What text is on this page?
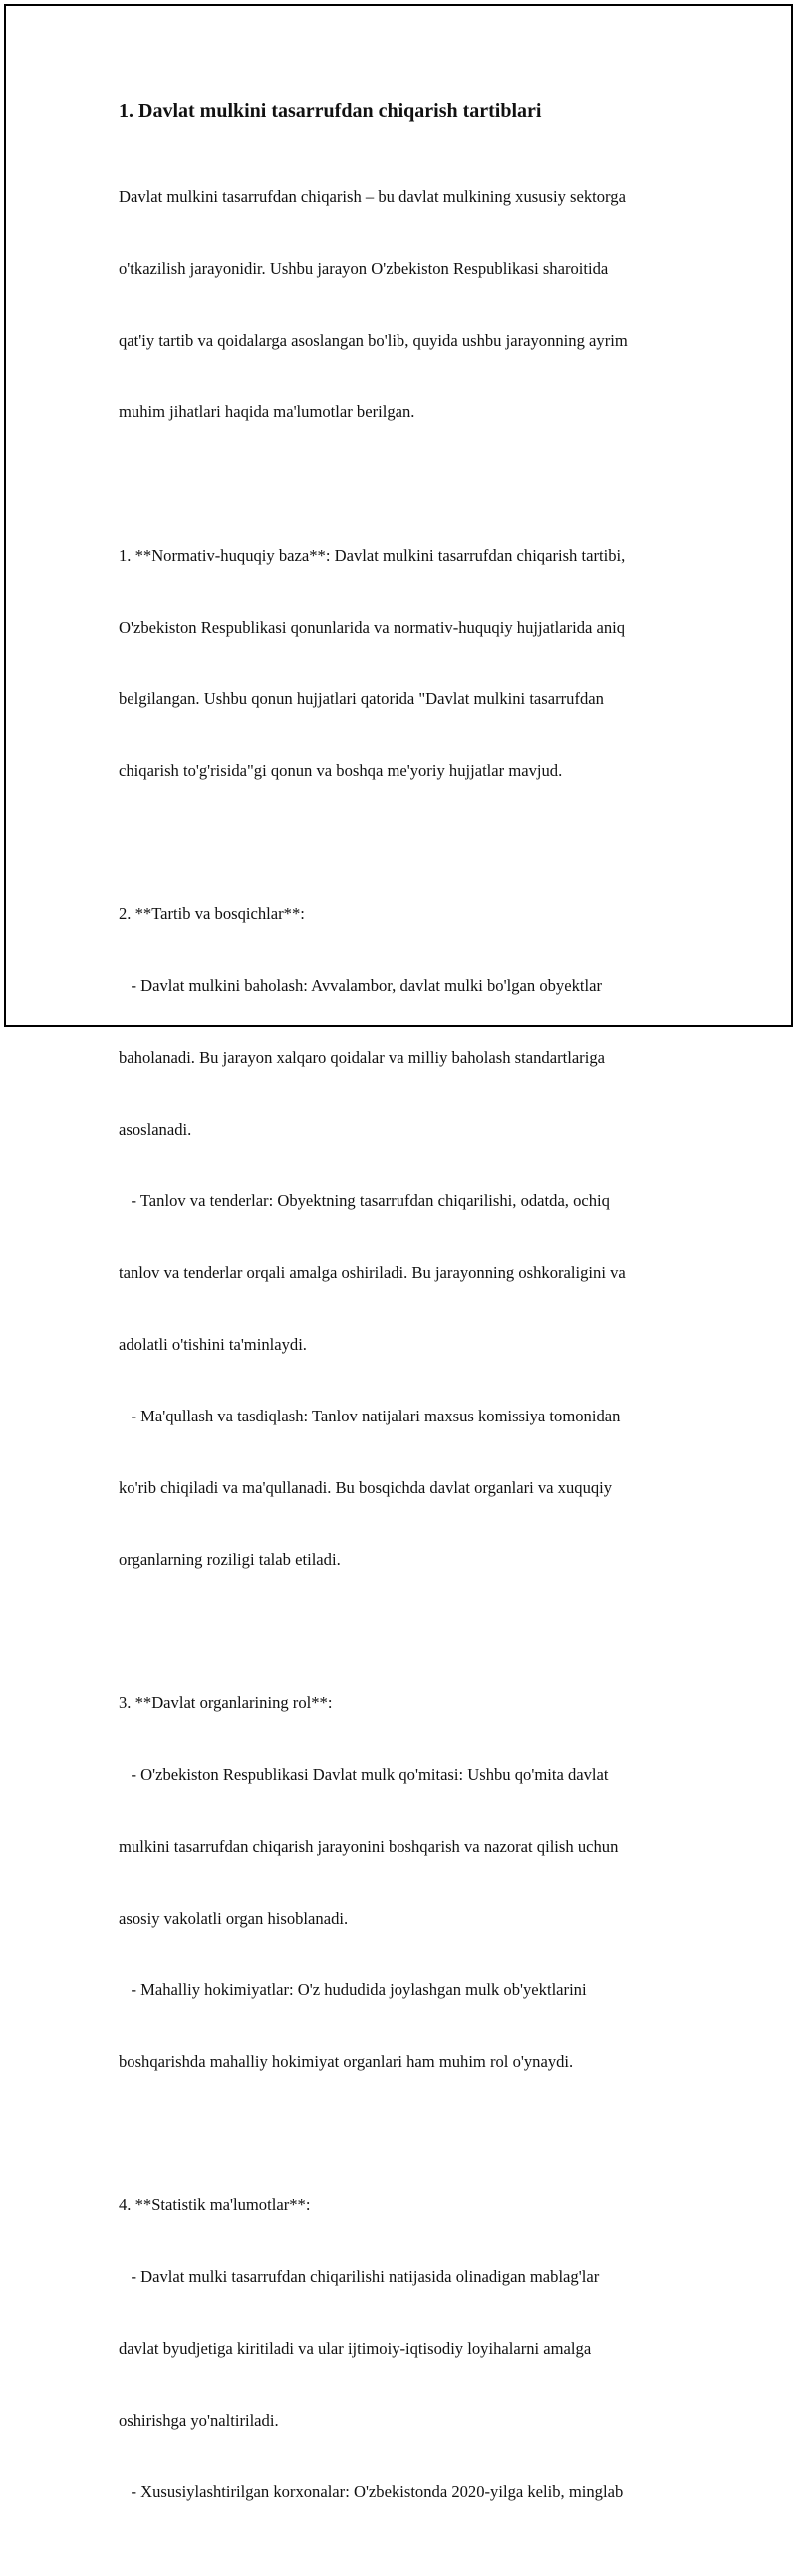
1. Davlat mulkini tasarrufdan chiqarish tartiblari

Davlat mulkini tasarrufdan chiqarish – bu davlat mulkining xususiy sektorga

o'tkazilish jarayonidir. Ushbu jarayon O'zbekiston Respublikasi sharoitida

qat'iy tartib va qoidalarga asoslangan bo'lib, quyida ushbu jarayonning ayrim

muhim jihatlari haqida ma'lumotlar berilgan.

1. **Normativ-huquqiy baza**: Davlat mulkini tasarrufdan chiqarish tartibi,

O'zbekiston Respublikasi qonunlarida va normativ-huquqiy hujjatlarida aniq

belgilangan. Ushbu qonun hujjatlari qatorida "Davlat mulkini tasarrufdan

chiqarish to'g'risida"gi qonun va boshqa me'yoriy hujjatlar mavjud.

2. **Tartib va bosqichlar**:

- Davlat mulkini baholash: Avvalambor, davlat mulki bo'lgan obyektlar

baholanadi. Bu jarayon xalqaro qoidalar va milliy baholash standartlariga

asoslanadi.

- Tanlov va tenderlar: Obyektning tasarrufdan chiqarilishi, odatda, ochiq

tanlov va tenderlar orqali amalga oshiriladi. Bu jarayonning oshkoraligini va

adolatli o'tishini ta'minlaydi.

- Ma'qullash va tasdiqlash: Tanlov natijalari maxsus komissiya tomonidan

ko'rib chiqiladi va ma'qullanadi. Bu bosqichda davlat organlari va xuquqiy

organlarning roziligi talab etiladi.

3. **Davlat organlarining rol**:

- O'zbekiston Respublikasi Davlat mulk qo'mitasi: Ushbu qo'mita davlat

mulkini tasarrufdan chiqarish jarayonini boshqarish va nazorat qilish uchun

asosiy vakolatli organ hisoblanadi.

- Mahalliy hokimiyatlar: O'z hududida joylashgan mulk ob'yektlarini

boshqarishda mahalliy hokimiyat organlari ham muhim rol o'ynaydi.

4. **Statistik ma'lumotlar**:

- Davlat mulki tasarrufdan chiqarilishi natijasida olinadigan mablag'lar

davlat byudjetiga kiritiladi va ular ijtimoiy-iqtisodiy loyihalarni amalga

oshirishga yo'naltiriladi.

- Xususiylashtirilgan korxonalar: O'zbekistonda 2020-yilga kelib, minglab
